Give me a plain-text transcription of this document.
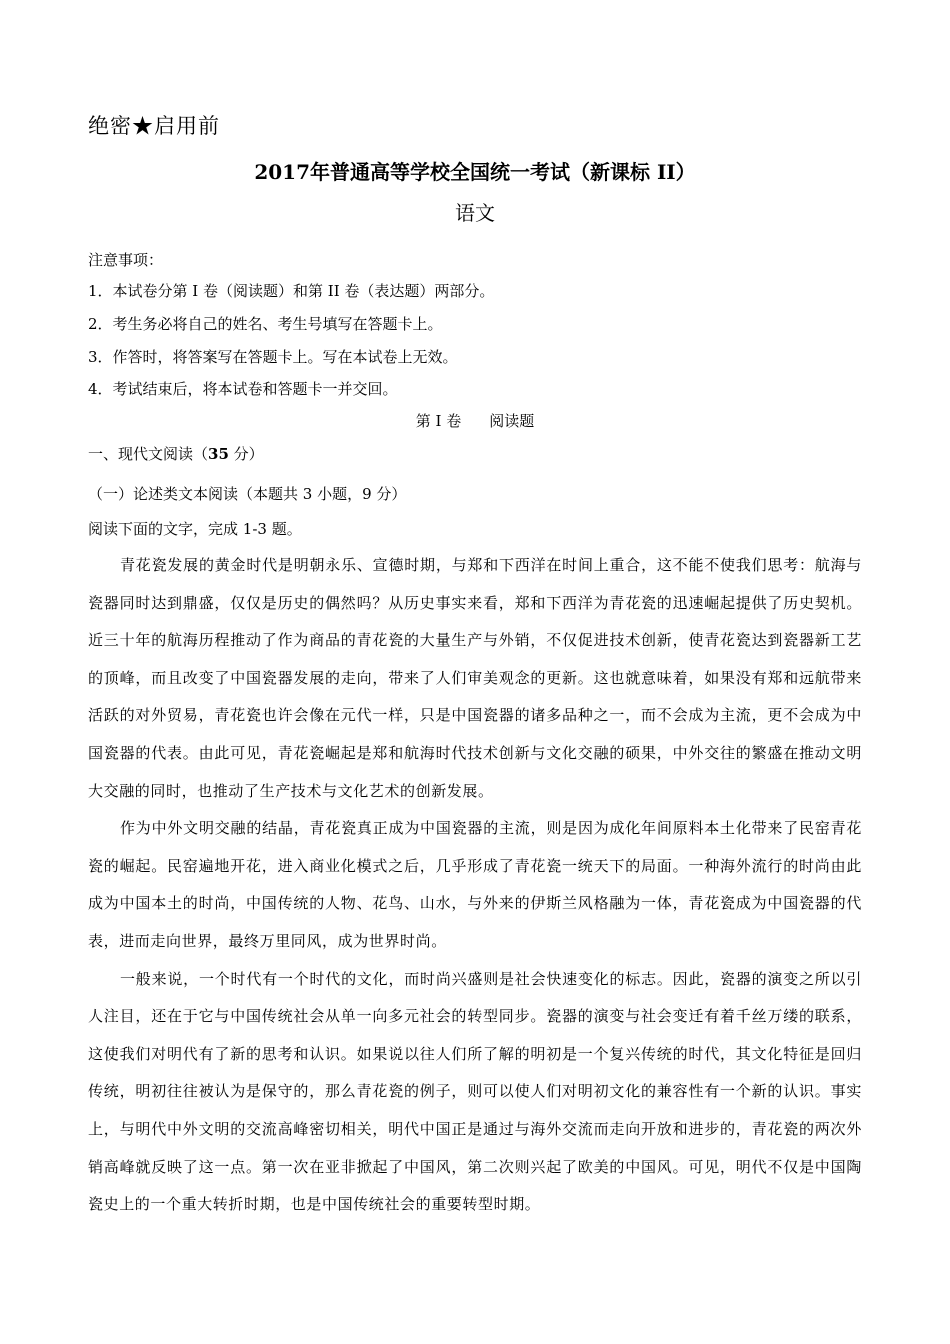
绝密★启用前
2017年普通高等学校全国统一考试（新课标 II）
语文
注意事项：
1．本试卷分第 I 卷（阅读题）和第 II 卷（表达题）两部分。
2．考生务必将自己的姓名、考生号填写在答题卡上。
3．作答时，将答案写在答题卡上。写在本试卷上无效。
4．考试结束后，将本试卷和答题卡一并交回。
第 I 卷 阅读题
一、现代文阅读（35 分）
（一）论述类文本阅读（本题共 3 小题，9 分）
阅读下面的文字，完成 1-3 题。

青花瓷发展的黄金时代是明朝永乐、宣德时期，与郑和下西洋在时间上重合，这不能不使我们思考：航海与瓷器同时达到鼎盛，仅仅是历史的偶然吗？从历史事实来看，郑和下西洋为青花瓷的迅速崛起提供了历史契机。近三十年的航海历程推动了作为商品的青花瓷的大量生产与外销，不仅促进技术创新，使青花瓷达到瓷器新工艺的顶峰，而且改变了中国瓷器发展的走向，带来了人们审美观念的更新。这也就意味着，如果没有郑和远航带来活跃的对外贸易，青花瓷也许会像在元代一样，只是中国瓷器的诸多品种之一，而不会成为主流，更不会成为中国瓷器的代表。由此可见，青花瓷崛起是郑和航海时代技术创新与文化交融的硕果，中外交往的繁盛在推动文明大交融的同时，也推动了生产技术与文化艺术的创新发展。

作为中外文明交融的结晶，青花瓷真正成为中国瓷器的主流，则是因为成化年间原料本土化带来了民窑青花瓷的崛起。民窑遍地开花，进入商业化模式之后，几乎形成了青花瓷一统天下的局面。一种海外流行的时尚由此成为中国本土的时尚，中国传统的人物、花鸟、山水，与外来的伊斯兰风格融为一体，青花瓷成为中国瓷器的代表，进而走向世界，最终万里同风，成为世界时尚。

一般来说，一个时代有一个时代的文化，而时尚兴盛则是社会快速变化的标志。因此，瓷器的演变之所以引人注目，还在于它与中国传统社会从单一向多元社会的转型同步。瓷器的演变与社会变迁有着千丝万缕的联系，这使我们对明代有了新的思考和认识。如果说以往人们所了解的明初是一个复兴传统的时代，其文化特征是回归传统，明初往往被认为是保守的，那么青花瓷的例子，则可以使人们对明初文化的兼容性有一个新的认识。事实上，与明代中外文明的交流高峰密切相关，明代中国正是通过与海外交流而走向开放和进步的，青花瓷的两次外销高峰就反映了这一点。第一次在亚非掀起了中国风，第二次则兴起了欧美的中国风。可见，明代不仅是中国陶瓷史上的一个重大转折时期，也是中国传统社会的重要转型时期。
